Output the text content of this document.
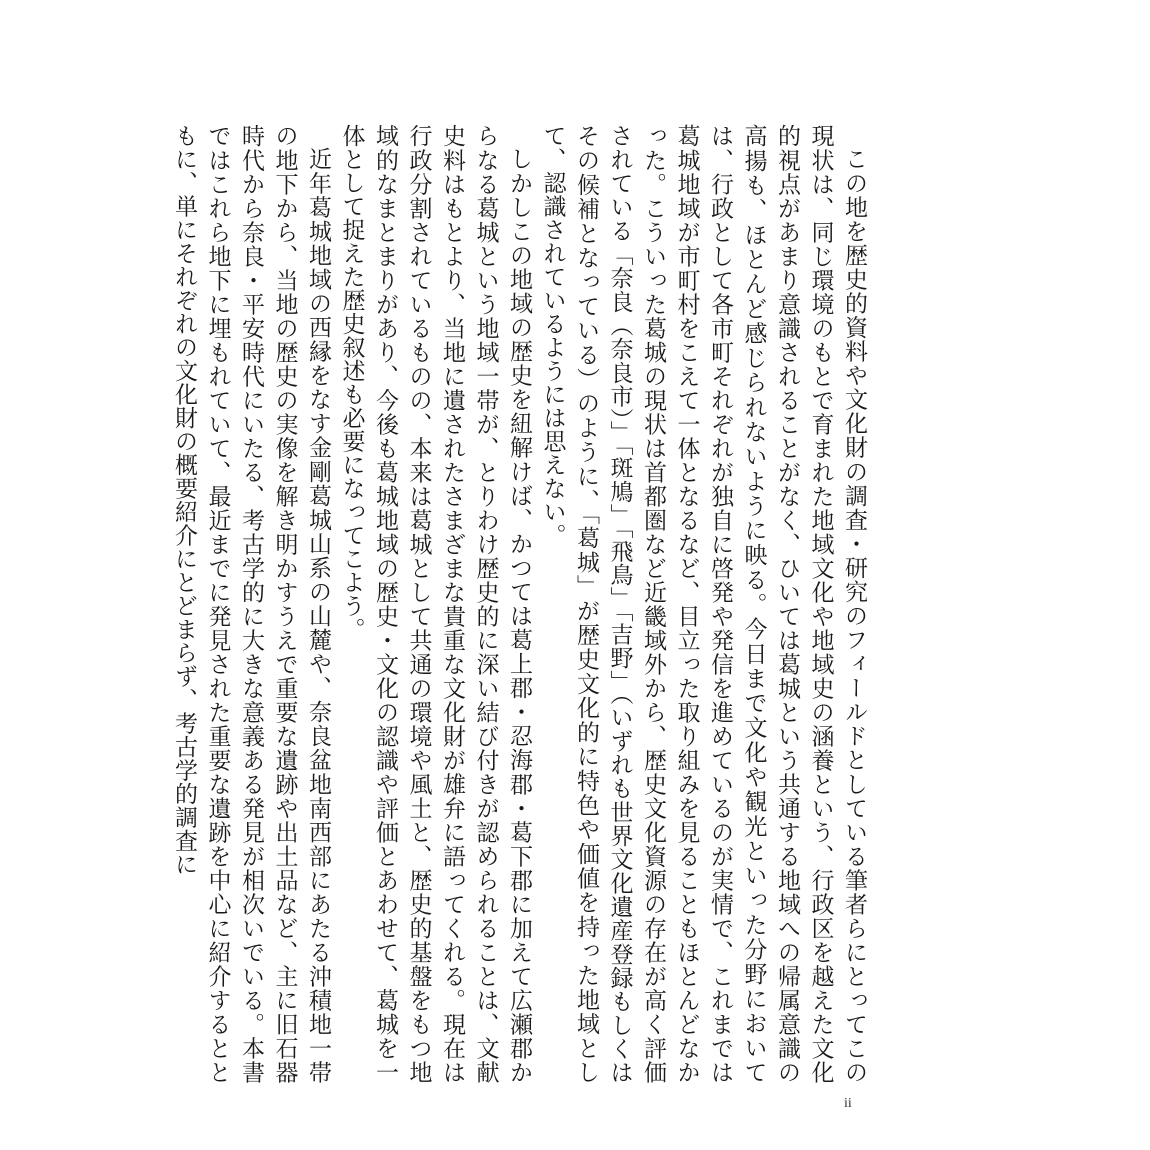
この地を歴史的資料や文化財の調査・研究のフィールドとしている筆者らにとってこの現状は、同じ環境のもとで育まれた地域文化や地域史の涵養という、行政区を越えた文化的視点があまり意識されることがなく、ひいては葛城という共通する地域への帰属意識の高揚も、ほとんど感じられないように映る。今日まで文化や観光といった分野においては、行政として各市町それぞれが独自に啓発や発信を進めているのが実情で、これまでは葛城地域が市町村をこえて一体となるなど、目立った取り組みを見ることもほとんどなかった。こういった葛城の現状は首都圏など近畿域外から、歴史文化資源の存在が高く評価されている「奈良（奈良市）」「斑鳩」「飛鳥」「吉野」（いずれも世界文化遺産登録もしくはその候補となっている）のように、「葛城」が歴史文化的に特色や価値を持った地域として、認識されているようには思えない。

しかしこの地域の歴史を紐解けば、かつては葛上郡・忍海郡・葛下郡に加えて広瀬郡からなる葛城という地域一帯が、とりわけ歴史的に深い結び付きが認められることは、文献史料はもとより、当地に遺されたさまざまな貴重な文化財が雄弁に語ってくれる。現在は行政分割されているものの、本来は葛城として共通の環境や風土と、歴史的基盤をもつ地域的なまとまりがあり、今後も葛城地域の歴史・文化の認識や評価とあわせて、葛城を一体として捉えた歴史叙述も必要になってこよう。

近年葛城地域の西縁をなす金剛葛城山系の山麓や、奈良盆地南西部にあたる沖積地一帯の地下から、当地の歴史の実像を解き明かすうえで重要な遺跡や出土品など、主に旧石器時代から奈良・平安時代にいたる、考古学的に大きな意義ある発見が相次いでいる。本書ではこれら地下に埋もれていて、最近までに発見された重要な遺跡を中心に紹介するとともに、単にそれぞれの文化財の概要紹介にとどまらず、考古学的調査に

ii
